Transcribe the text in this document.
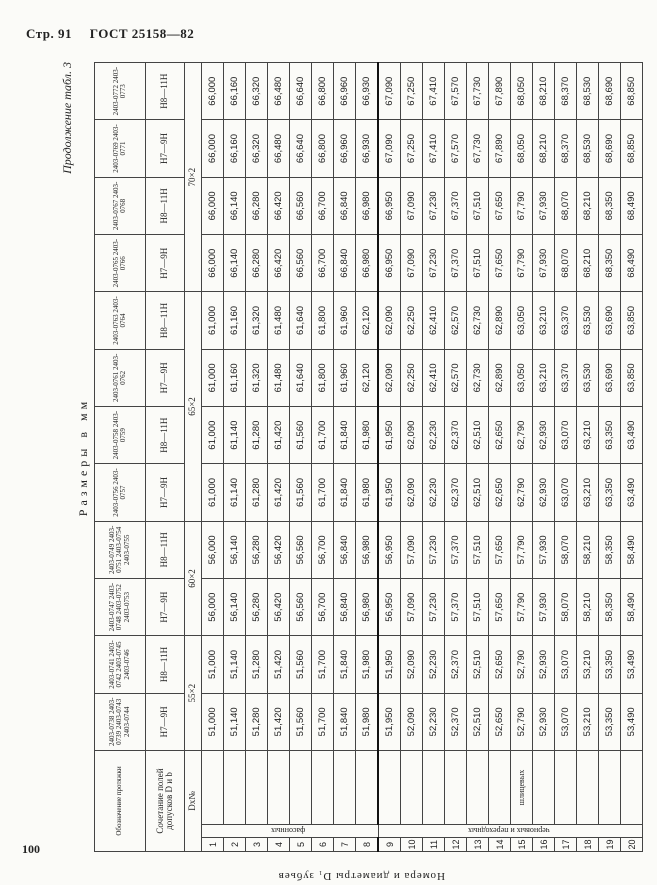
Стр. 91 ГОСТ 25158—82
Продолжение табл. 3
Размеры в мм
Номера и диаметры D₁ зубьев
Обозначение протяжки			2403-0738 2403-0739 2403-0743 2403-0744	2403-0741 2403-0742 2403-0745 2403-0746	2403-0747 2403-0748 2403-0752 2403-0753	2403-0749 2403-0751 2403-0754 2403-0755	2403-0756 2403-0757	2403-0758 2403-0759	2403-0761 2403-0762	2403-0763 2403-0764	2403-0765 2403-0766	2403-0767 2403-0768	2403-0769 2403-0771	2403-0772 2403-0773
Сочетание полей допусков D и b			H7—9H	H8—11H	H7—9H	H8—11H	H7—9H	H8—11H	H7—9H	H8—11H	H7—9H	H8—11H	H7—9H	H8—11H
Dx№			55×2		60×2		65×2				70×2			
1	фасонных		51,000	51,000	56,000	56,000	61,000	61,000	61,000	61,000	66,000	66,000	66,000	66,000
2			51,140	51,140	56,140	56,140	61,140	61,140	61,160	61,160	66,140	66,140	66,160	66,160
3			51,280	51,280	56,280	56,280	61,280	61,280	61,320	61,320	66,280	66,280	66,320	66,320
4			51,420	51,420	56,420	56,420	61,420	61,420	61,480	61,480	66,420	66,420	66,480	66,480
5			51,560	51,560	56,560	56,560	61,560	61,560	61,640	61,640	66,560	66,560	66,640	66,640
6			51,700	51,700	56,700	56,700	61,700	61,700	61,800	61,800	66,700	66,700	66,800	66,800
7			51,840	51,840	56,840	56,840	61,840	61,840	61,960	61,960	66,840	66,840	66,960	66,960
8			51,980	51,980	56,980	56,980	61,980	61,980	62,120	62,120	66,980	66,980	66,930	66,930
9	черновых и переходных		51,950	51,950	56,950	56,950	61,950	61,950	62,090	62,090	66,950	66,950	67,090	67,090
10			52,090	52,090	57,090	57,090	62,090	62,090	62,250	62,250	67,090	67,090	67,250	67,250
11			52,230	52,230	57,230	57,230	62,230	62,230	62,410	62,410	67,230	67,230	67,410	67,410
12			52,370	52,370	57,370	57,370	62,370	62,370	62,570	62,570	67,370	67,370	67,570	67,570
13			52,510	52,510	57,510	57,510	62,510	62,510	62,730	62,730	67,510	67,510	67,730	67,730
14			52,650	52,650	57,650	57,650	62,650	62,650	62,890	62,890	67,650	67,650	67,890	67,890
15		шлицевых	52,790	52,790	57,790	57,790	62,790	62,790	63,050	63,050	67,790	67,790	68,050	68,050
16			52,930	52,930	57,930	57,930	62,930	62,930	63,210	63,210	67,930	67,930	68,210	68,210
17			53,070	53,070	58,070	58,070	63,070	63,070	63,370	63,370	68,070	68,070	68,370	68,370
18			53,210	53,210	58,210	58,210	63,210	63,210	63,530	63,530	68,210	68,210	68,530	68,530
19			53,350	53,350	58,350	58,350	63,350	63,350	63,690	63,690	68,350	68,350	68,690	68,690
20			53,490	53,490	58,490	58,490	63,490	63,490	63,850	63,850	68,490	68,490	68,850	68,850
100
